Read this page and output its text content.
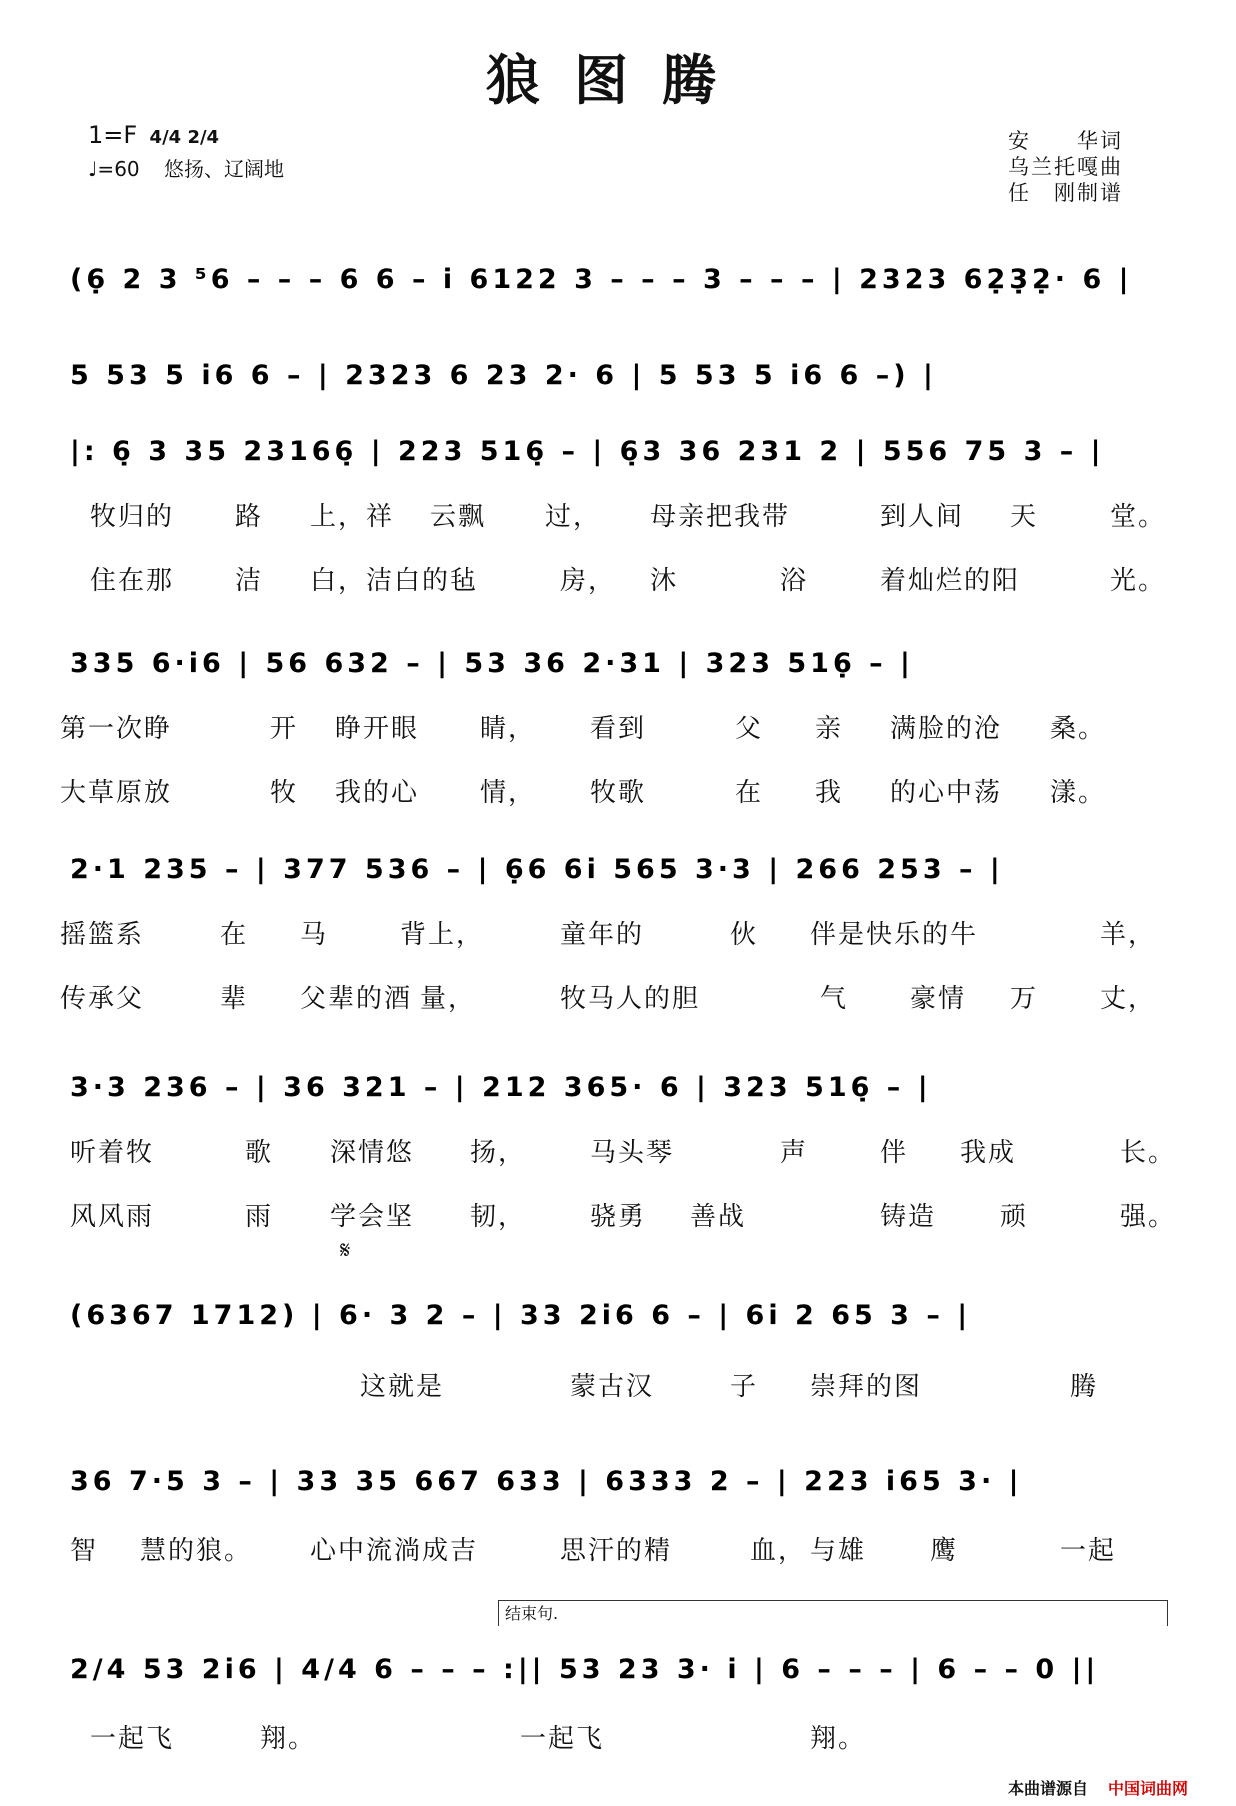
狼图腾
1=F 4/4 2/4
♩=60 悠扬、辽阔地
安　　华词
乌兰托嘎曲
任　刚制谱
(6̣ 2 3 ⁵6 – – – 6 6 – i 6122 3 – – – 3 – – – | 2323 62̣3̣2̣· 6 |
5 53 5 i6 6 – | 2323 6 23 2· 6 | 5 53 5 i6 6 –) |
|: 6̣ 3 35 23166̣ | 223 516̣ – | 6̣3 36 231 2 | 556 75 3 – |
335 6·i6 | 56 632 – | 53 36 2·31 | 323 516̣ – |
2·1 235 – | 377 536 – | 6̣6 6i 565 3·3 | 266 253 – |
3·3 236 – | 36 321 – | 212 365· 6 | 323 516̣ – |
(6367 1712) | 6· 3 2 – | 33 2i6 6 – | 6i 2 65 3 – |
36 7·5 3 – | 33 35 667 633 | 6333 2 – | 223 i65 3· |
2/4 53 2i6 | 4/4 6 – – – :|| 53 23 3· i | 6 – – – | 6 – – 0 ||
牧归的 路 上，祥 云飘 过， 母亲把我带	到人间 天	堂。
住在那 洁 白，洁白的毡	房， 沐	浴	着灿烂的阳	光。
第一次睁	开 睁开眼 睛， 看到	父 亲 满脸的沧 桑。
大草原放	牧 我的心 情， 牧歌	在 我 的心中荡 漾。
摇篮系	在 马	背上，	童年的	伙 伴是快乐的牛	羊，
传承父	辈 父辈的酒 量，	牧马人的胆	气 豪情 万 丈，
听着牧	歌 深情悠 扬， 马头琴	声	伴 我成	长。
风风雨	雨 学会坚 韧， 骁勇 善战	铸造 顽	强。
这就是	蒙古汉	子 崇拜的图	腾
智 慧的狼。 心中流淌成吉	思汗的精	血， 与雄 鹰	一起
一起飞	翔。	一起飞	翔。
本曲谱源自 中国词曲网
𝄋
结束句.
